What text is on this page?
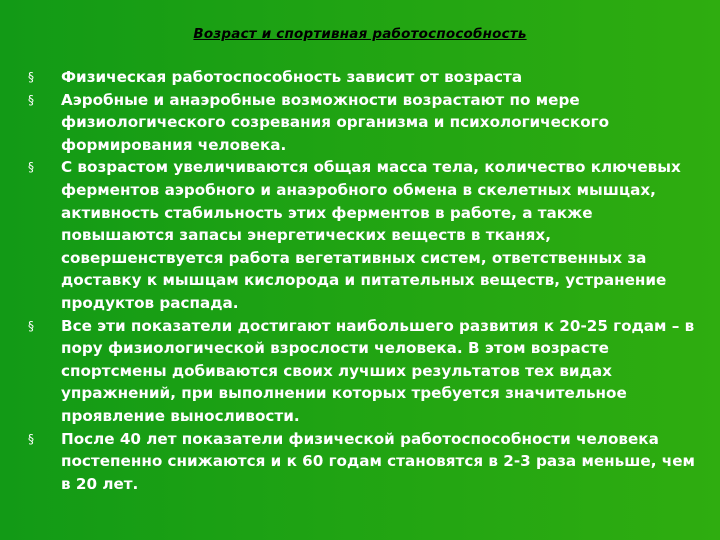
Возраст и спортивная работоспособность
§	Физическая работоспособность зависит от возраста
§	Аэробные и анаэробные возможности возрастают по мере физиологического созревания организма и психологического формирования человека.
§	С возрастом увеличиваются общая масса тела, количество ключевых ферментов аэробного и анаэробного обмена в скелетных мышцах, активность стабильность этих ферментов в работе, а также повышаются запасы энергетических веществ в тканях, совершенствуется работа вегетативных систем, ответственных за доставку к мышцам кислорода и питательных веществ, устранение продуктов распада.
§	Все эти показатели достигают наибольшего развития к 20-25 годам – в пору физиологической взрослости человека. В этом возрасте спортсмены добиваются своих лучших результатов тех видах упражнений, при выполнении которых требуется значительное проявление выносливости.
§	После 40 лет показатели физической работоспособности человека постепенно снижаются и к 60 годам становятся в 2-3 раза меньше, чем в 20 лет.
